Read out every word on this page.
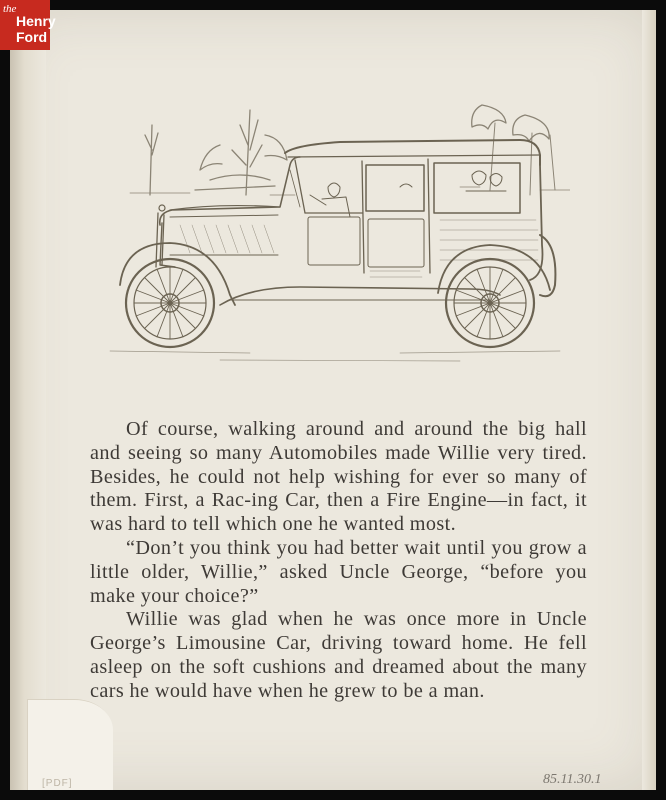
Of course, walking around and around the big hall and seeing so many Automobiles made Willie very tired. Besides, he could not help wishing for ever so many of them. First, a Rac-ing Car, then a Fire Engine—in fact, it was hard to tell which one he wanted most.

“Don’t you think you had better wait until you grow a little older, Willie,” asked Uncle George, “before you make your choice?”

Willie was glad when he was once more in Uncle George’s Limousine Car, driving toward home. He fell asleep on the soft cushions and dreamed about the many cars he would have when he grew to be a man.

[PDF]	85.11.30.1
the
Henry
Ford
